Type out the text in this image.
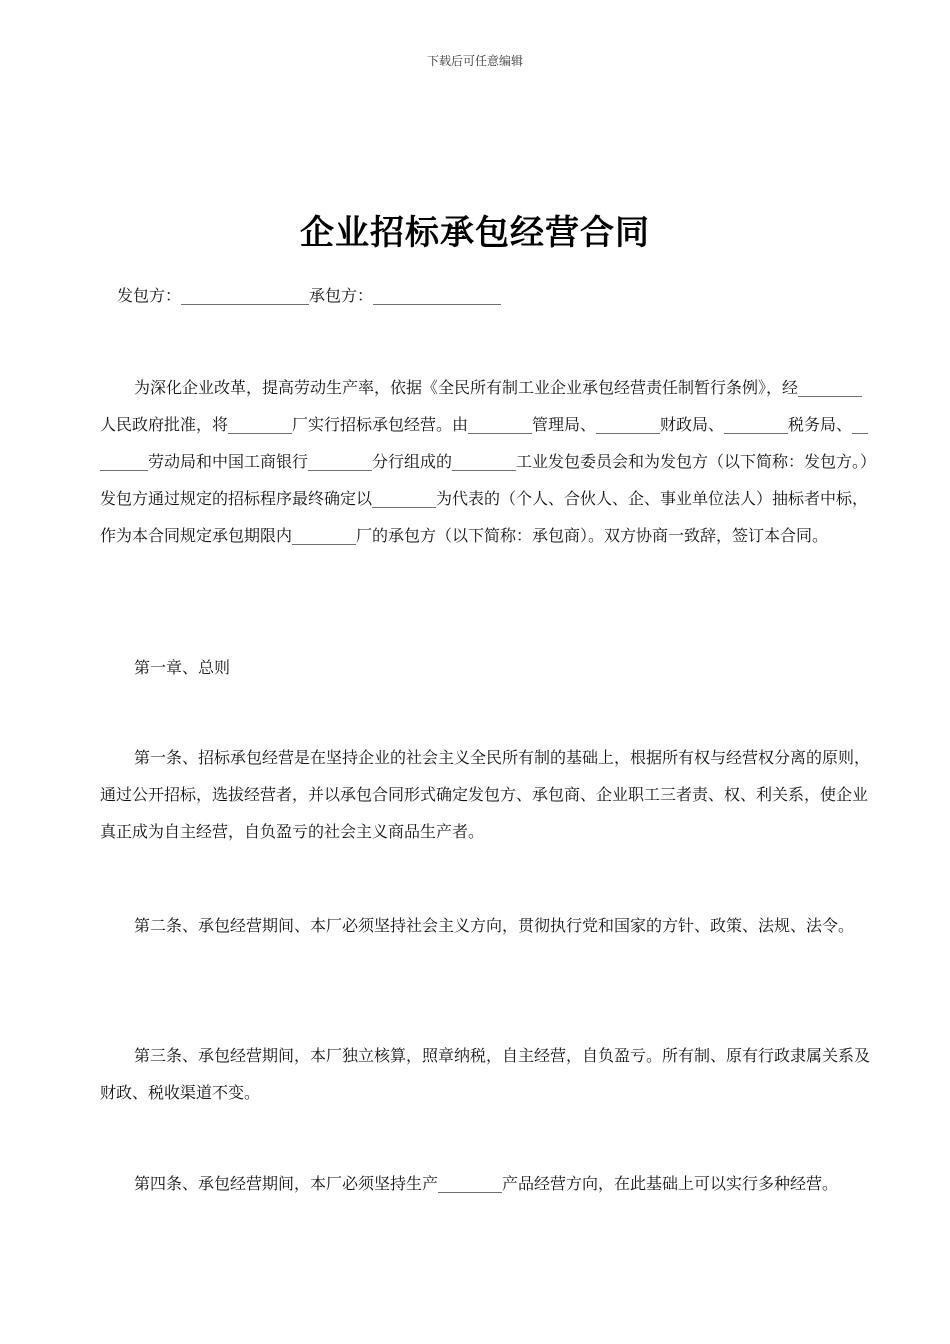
下载后可任意编辑
企业招标承包经营合同
发包方：________________承包方：________________

为深化企业改革，提高劳动生产率，依据《全民所有制工业企业承包经营责任制暂行条例》，经________人民政府批准，将________厂实行招标承包经营。由________管理局、________财政局、________税务局、________劳动局和中国工商银行________分行组成的________工业发包委员会和为发包方（以下简称：发包方。）发包方通过规定的招标程序最终确定以________为代表的（个人、合伙人、企、事业单位法人）抽标者中标，作为本合同规定承包期限内________厂的承包方（以下简称：承包商）。双方协商一致辞，签订本合同。

第一章、总则

第一条、招标承包经营是在坚持企业的社会主义全民所有制的基础上，根据所有权与经营权分离的原则，通过公开招标，选拔经营者，并以承包合同形式确定发包方、承包商、企业职工三者责、权、利关系，使企业真正成为自主经营，自负盈亏的社会主义商品生产者。

第二条、承包经营期间、本厂必须坚持社会主义方向，贯彻执行党和国家的方针、政策、法规、法令。

第三条、承包经营期间，本厂独立核算，照章纳税，自主经营，自负盈亏。所有制、原有行政隶属关系及财政、税收渠道不变。

第四条、承包经营期间，本厂必须坚持生产________产品经营方向，在此基础上可以实行多种经营。
